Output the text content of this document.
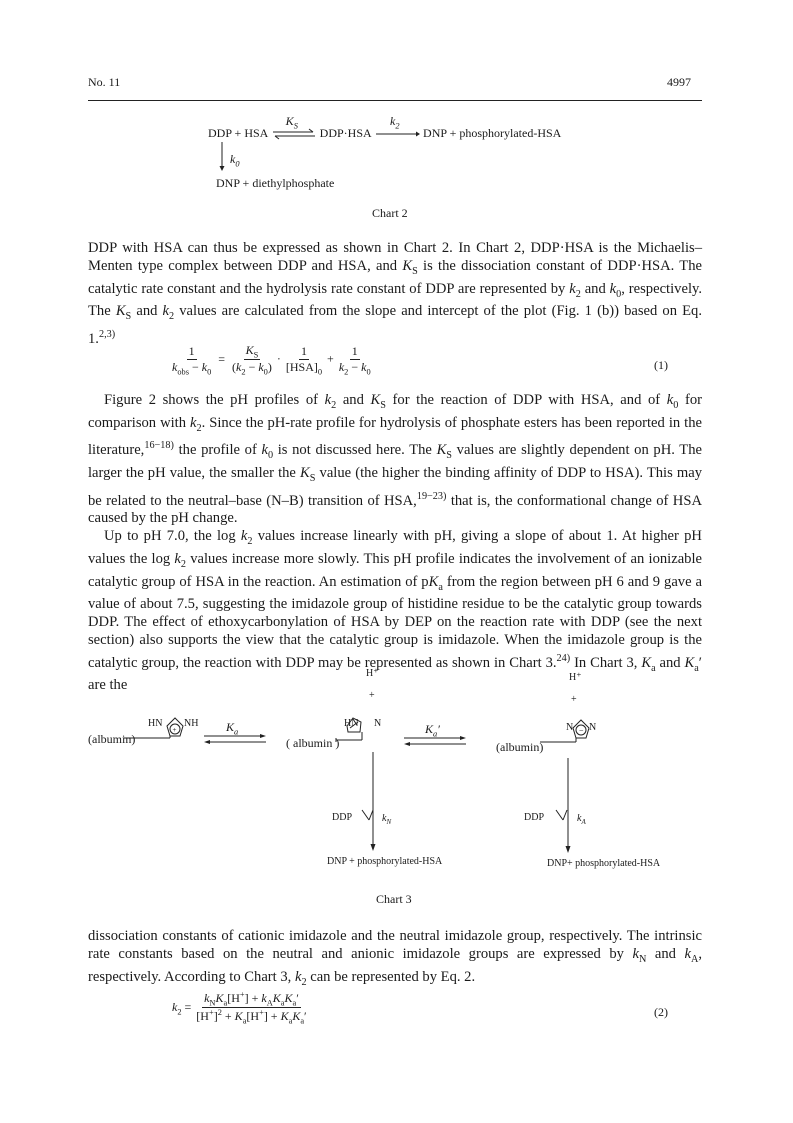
No. 11	4997
DDP + HSA
$K_S$ DDP·HSA
$k_2$ DNP + phosphorylated-HSA
$k_0$
DNP + diethylphosphate
Chart 2

DDP with HSA can thus be expressed as shown in Chart 2. In Chart 2, DDP·HSA is the Michaelis–Menten type complex between DDP and HSA, and $K_S$ is the dissociation constant of DDP·HSA. The catalytic rate constant and the hydrolysis rate constant of DDP are represented by $k_2$ and $k_0$, respectively. The $K_S$ and $k_2$ values are calculated from the slope and intercept of the plot (Fig. 1 (b)) based on Eq. 1.$^{2,3)}$

$\frac{1}{k_{obs} - k_0} = \frac{K_S}{(k_2 - k_0)} \cdot \frac{1}{[HSA]_0} + \frac{1}{k_2 - k_0}$	(1)

Figure 2 shows the pH profiles of $k_2$ and $K_S$ for the reaction of DDP with HSA, and of $k_0$ for comparison with $k_2$. Since the pH-rate profile for hydrolysis of phosphate esters has been reported in the literature,$^{16-18)}$ the profile of $k_0$ is not discussed here. The $K_S$ values are slightly dependent on pH. The larger the pH value, the smaller the $K_S$ value (the higher the binding affinity of DDP to HSA). This may be related to the neutral–base (N–B) transition of HSA,$^{19-23)}$ that is, the conformational change of HSA caused by the pH change.

Up to pH 7.0, the $\log k_2$ values increase linearly with pH, giving a slope of about 1. At higher pH values the $\log k_2$ values increase more slowly. This pH profile indicates the involvement of an ionizable catalytic group of HSA in the reaction. An estimation of $pK_a$ from the region between pH 6 and 9 gave a value of about 7.5, suggesting the imidazole group of histidine residue to be the catalytic group towards DDP. The effect of ethoxycarbonylation of HSA by DEP on the reaction rate with DDP (see the next section) also supports the view that the catalytic group is imidazole. When the imidazole group is the catalytic group, the reaction with DDP may be represented as shown in Chart 3.$^{24)}$ In Chart 3, $K_a$ and $K_a'$ are the

H⁺
+
H⁺
+
+
HN NH
(albumin)
$K_a$
HN N
( albumin )
$K_a'$	−
N N
(albumin)
DDP	$k_N$	DDP	$k_A$
DNP + phosphorylated-HSA	DNP+ phosphorylated-HSA
Chart 3

dissociation constants of cationic imidazole and the neutral imidazole group, respectively. The intrinsic rate constants based on the neutral and anionic imidazole groups are expressed by $k_N$ and $k_A$, respectively. According to Chart 3, $k_2$ can be represented by Eq. 2.

$k_2 = \frac{k_NK_a[H^+] + k_AK_aK_a'}{[H^+]^2 + K_a[H^+] + K_aK_a'}$	(2)
